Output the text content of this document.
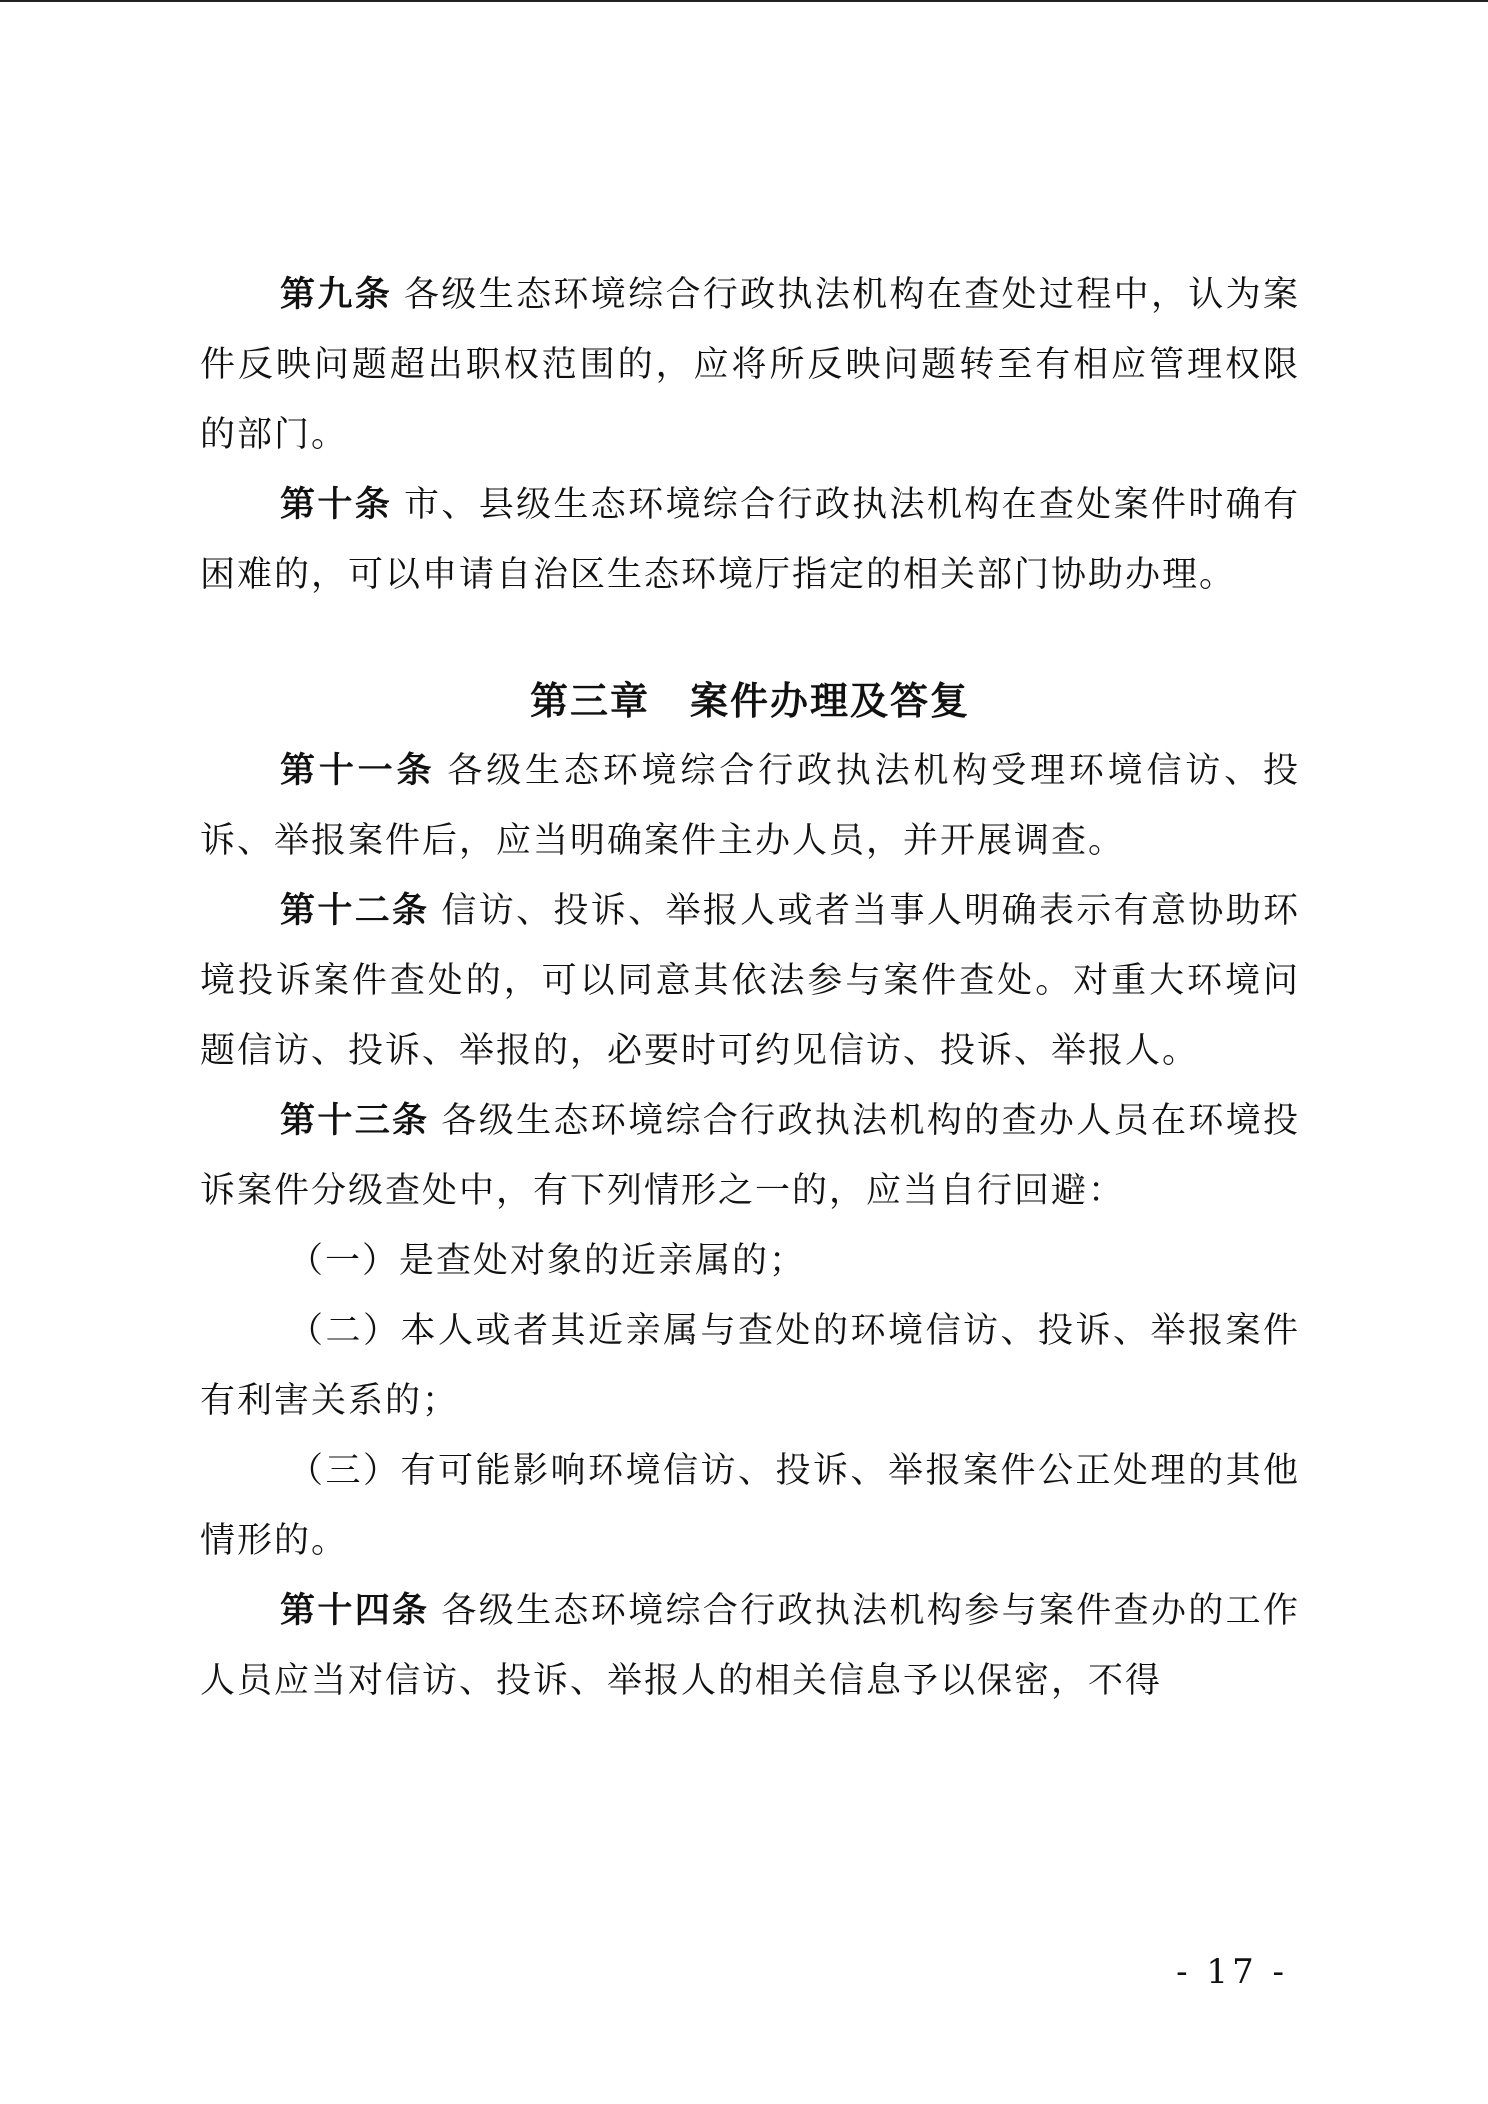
第九条 各级生态环境综合行政执法机构在查处过程中，认为案件反映问题超出职权范围的，应将所反映问题转至有相应管理权限的部门。

第十条 市、县级生态环境综合行政执法机构在查处案件时确有困难的，可以申请自治区生态环境厅指定的相关部门协助办理。

第三章　案件办理及答复

第十一条 各级生态环境综合行政执法机构受理环境信访、投诉、举报案件后，应当明确案件主办人员，并开展调查。

第十二条 信访、投诉、举报人或者当事人明确表示有意协助环境投诉案件查处的，可以同意其依法参与案件查处。对重大环境问题信访、投诉、举报的，必要时可约见信访、投诉、举报人。

第十三条 各级生态环境综合行政执法机构的查办人员在环境投诉案件分级查处中，有下列情形之一的，应当自行回避：

（一）是查处对象的近亲属的；

（二）本人或者其近亲属与查处的环境信访、投诉、举报案件有利害关系的；

（三）有可能影响环境信访、投诉、举报案件公正处理的其他情形的。

第十四条 各级生态环境综合行政执法机构参与案件查办的工作人员应当对信访、投诉、举报人的相关信息予以保密，不得

- 17 -
